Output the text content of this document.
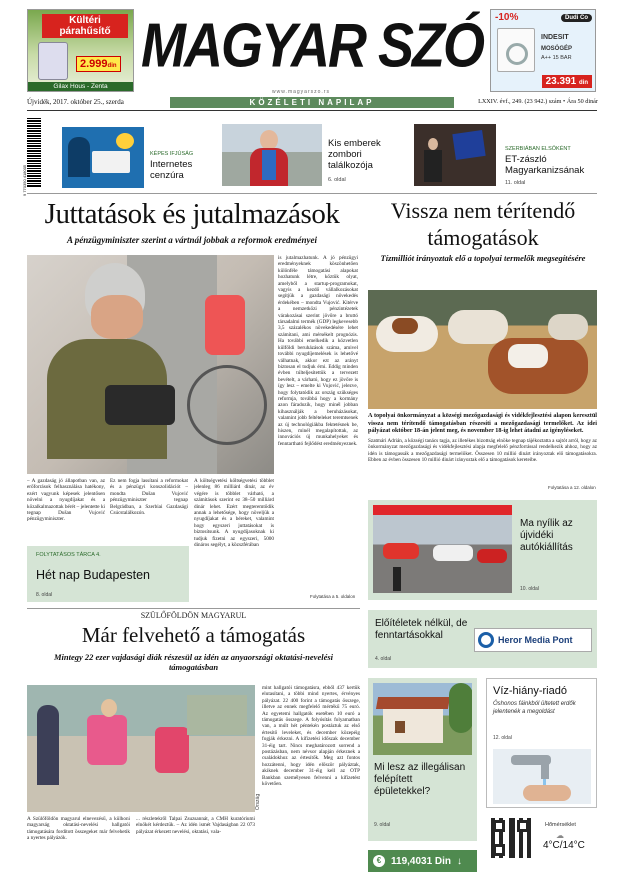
Kültéri párahűsítő
2.999din
Gilax Hous - Zenta
-10%	Dudi Co
INDESIT
MOSÓGÉP
A++ 15 BAR
23.391 din
MAGYAR SZÓ
www.magyarszo.rs
Újvidék, 2017. október 25., szerda	KÖZÉLETI NAPILAP	LXXIV. évf., 249. (23 942.) szám • Ára 50 dinár
9 770350 418005
KÉPES IFJÚSÁG
Internetes cenzúra
Kis emberek zombori találkozója
6. oldal
SZERBIÁBAN ELSŐKÉNT
ET-zászló Magyarkanizsának
11. oldal
Juttatások és jutalmazások
A pénzügyminiszter szerint a vártnál jobbak a reformok eredményei
– A gazdaság jó állapotban van, az erőforrások felhasználása hatékony, ezért vagyunk képesek jelentősen növelni a nyugdíjakat és a közalkalmazottak bérét – jelentette ki tegnap Dušan Vujović pénzügyminiszter.
Ez nem fogja lassítani a reformokat és a pénzügyi konszolidációt – mondta Dušan Vujović pénzügyminiszter tegnap Belgrádban, a Szerbiai Gazdasági Csúcstalálkozón.
A költségvetési költségvetési többlet jelenleg 86 milliárd dinár, az év végére is többlet várható, a számítások szerint ez 38–50 milliárd dinár lehet. Ezért megteremtődik annak a lehetősége, hogy növeljük a nyugdíjakat és a béreket, valamint hogy egyszeri juttatásokat is biztosítsunk. A nyugdíjasoknak ki tudjuk fizetni az egyszeri, 5000 dináros segélyt, a közszférában
is jutalmazhatunk. A jó pénzügyi eredményeknek köszönhetően különféle támogatási alapokat hozhatunk létre, köztük olyat, amelyből a startup-programokat, vagyis a kezdő vállalkozásokat segítjük a gazdasági növekedés érdekében – mondta Vujović. Kitérve a nemzetközi pénzintézetek várakozásai szerint jövőre a bruttó társadalmi termék (GDP) legkevesebb 3,5 százalékos növekedésére lehet számítani, ami mérsékelt prognózis. Ha további emelkedik a közvetlen külföldi beruházások száma, amivel további nyugdíjemelések is lehetővé válhatnak, akkor ezt az arányt biztosan el tudjuk érni. Eddig minden évben túlteljesítettük a tervezett bevételt, a várható, hogy ez jövőre is így lesz – emelte ki Vujović, jelezve, hogy folytatódik az ország szükséges reformja, továbbá hogy a kormány azon fáradozik, hogy minél jobban kihasználják a beruházásokat, valamint jobb feltételeket teremtsenek az új technológiákba fektetésnek be, hiszen, minél megalapítottak, az innovációs új munkahelyeket és fenntartható fejlődést eredményeznek.
Folytatása a 5. oldalon
FOLYTATÁSOS TÁRCA 4.
Hét nap Budapesten
8. oldal
Vissza nem térítendő támogatások
Tízmilliót irányoztak elő a topolyai termelők megsegítésére
A topolyai önkormányzat a községi mezőgazdasági és vidékfejlesztési alapon keresztül vissza nem térítendő támogatásban részesíti a mezőgazdasági termelőket. Az idei pályázat október 18-án jelent meg, és november 18-ig lehet átadni az igényléseket.
Szatmári Adrián, a községi tanács tagja, az illetékes bizottság elnöke tegnap tájékoztatta a sajtót arról, hogy az önkormányzat mezőgazdasági és vidékfejlesztési alapja megfelelő pénzforrással rendelkezik ahhoz, hogy az idén is támogassák a mezőgazdasági termelőket. Összesen 10 millió dinárt irányoztak elő támogatásokra. Ebben az évben összesen 10 millió dinárt irányoztak elő a támogatások kereteibe.
Folytatása a 12. oldalon
Ma nyílik az újvidéki autókiállítás
10. oldal
Előítéletek nélkül, de fenntartásokkal
4. oldal
Heror Media Pont
SZÜLŐFÖLDÖN MAGYARUL
Már felvehető a támogatás
Mintegy 22 ezer vajdasági diák részesül az idén az anyaországi oktatási-nevelési támogatásban
Ország
A Szülőföldön magyarul elnevezésű, a külhoni magyarság oktatási-nevelési hallgatói támogatására fordított összegeket már felvehetik a nyertes pályázók.
... részletekről Talpai Zsuzsannát, a CMH kuratóriumi elnökét kérdeztük. – Az idén ismét Vajdaságban 22 073 pályázat érkezett nevelési, oktatási, vala-
mint hallgatói támogatásra, ebből 437 kertük elutasítani, a többi mind nyertes, érvényes pályázat. 22 400 forint a támogatás összege, illetve az ennek megfelelő mértékű 75 euró. Az egyetemi hallgatók esetében 10 euró a támogatás összege. A folyósítás folyamatban van, a múlt hét péntekén postáztuk az első értesítő leveleket, és december közepéig fogják érkezni. A kifizetési időszak december 31-éig tart. Nincs meghatározott sorrend a postázásban, nem névsor alapján érkeznek a családokhoz az értesítők. Meg azt fontos hozzátenni, hogy idén először pályáztak, akiknek december 31-éig kell az OTP Bankban személyesen felvenni a kifizetést követően.
Mi lesz az illegálisan felépített épületekkel?
9. oldal
Víz-hiány-riadó
Óshonos fáinkból ültetett erdők jelentenék a megoldást
12. oldal
Hőmérséklet
☁
4°C/14°C
€ 119,4031 Din ↓
